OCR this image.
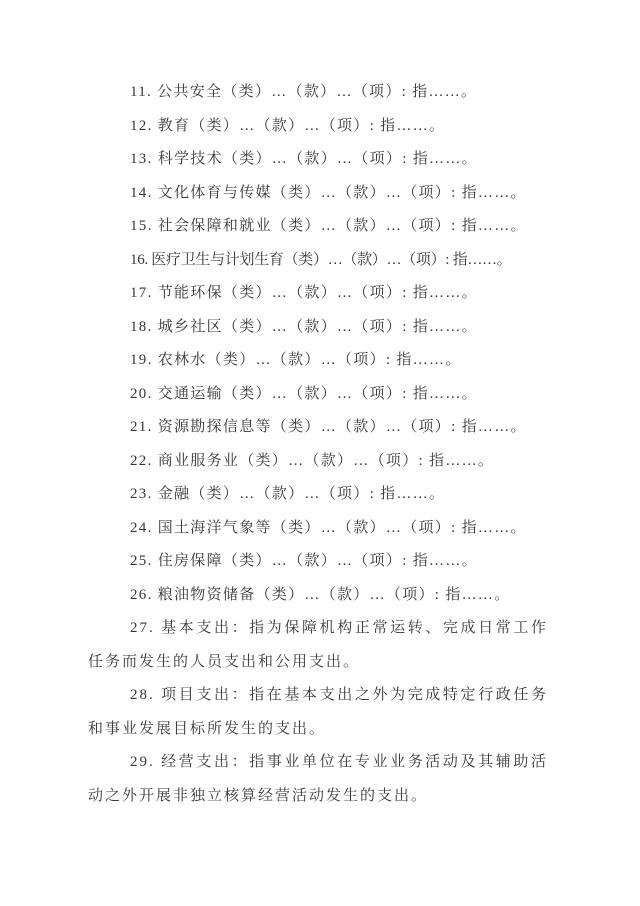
11. 公共安全（类）…（款）…（项）: 指……。

12. 教育（类）…（款）…（项）: 指……。

13. 科学技术（类）…（款）…（项）: 指……。

14. 文化体育与传媒（类）…（款）…（项）: 指……。

15. 社会保障和就业（类）…（款）…（项）: 指……。

16. 医疗卫生与计划生育（类）…（款）…（项）: 指……。

17. 节能环保（类）…（款）…（项）: 指……。

18. 城乡社区（类）…（款）…（项）: 指……。

19. 农林水（类）…（款）…（项）: 指……。

20. 交通运输（类）…（款）…（项）: 指……。

21. 资源勘探信息等（类）…（款）…（项）: 指……。

22. 商业服务业（类）…（款）…（项）: 指……。

23. 金融（类）…（款）…（项）: 指……。

24. 国土海洋气象等（类）…（款）…（项）: 指……。

25. 住房保障（类）…（款）…（项）: 指……。

26. 粮油物资储备（类）…（款）…（项）: 指……。

27. 基本支出：指为保障机构正常运转、完成日常工作任务而发生的人员支出和公用支出。

28. 项目支出：指在基本支出之外为完成特定行政任务和事业发展目标所发生的支出。

29. 经营支出：指事业单位在专业业务活动及其辅助活动之外开展非独立核算经营活动发生的支出。
